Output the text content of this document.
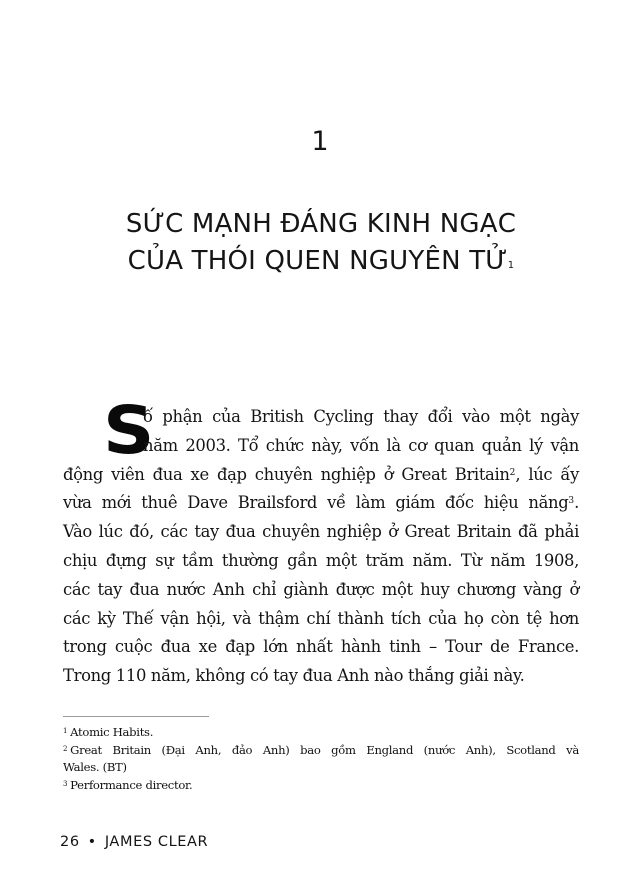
1
SỨC MẠNH ĐÁNG KINH NGẠC
CỦA THÓI QUEN NGUYÊN TỬ$^1$
S
ố phận của British Cycling thay đổi vào một ngày
năm 2003. Tổ chức này, vốn là cơ quan quản lý vận
động viên đua xe đạp chuyên nghiệp ở Great Britain$^2$, lúc ấy
vừa mới thuê Dave Brailsford về làm giám đốc hiệu năng$^3$.
Vào lúc đó, các tay đua chuyên nghiệp ở Great Britain đã phải
chịu đựng sự tầm thường gần một trăm năm. Từ năm 1908,
các tay đua nước Anh chỉ giành được một huy chương vàng ở
các kỳ Thế vận hội, và thậm chí thành tích của họ còn tệ hơn
trong cuộc đua xe đạp lớn nhất hành tinh – Tour de France.
Trong 110 năm, không có tay đua Anh nào thắng giải này.
$^1$ Atomic Habits.
$^2$ Great Britain (Đại Anh, đảo Anh) bao gồm England (nước Anh), Scotland và
Wales. (BT)
$^3$ Performance director.
26 • JAMES CLEAR
